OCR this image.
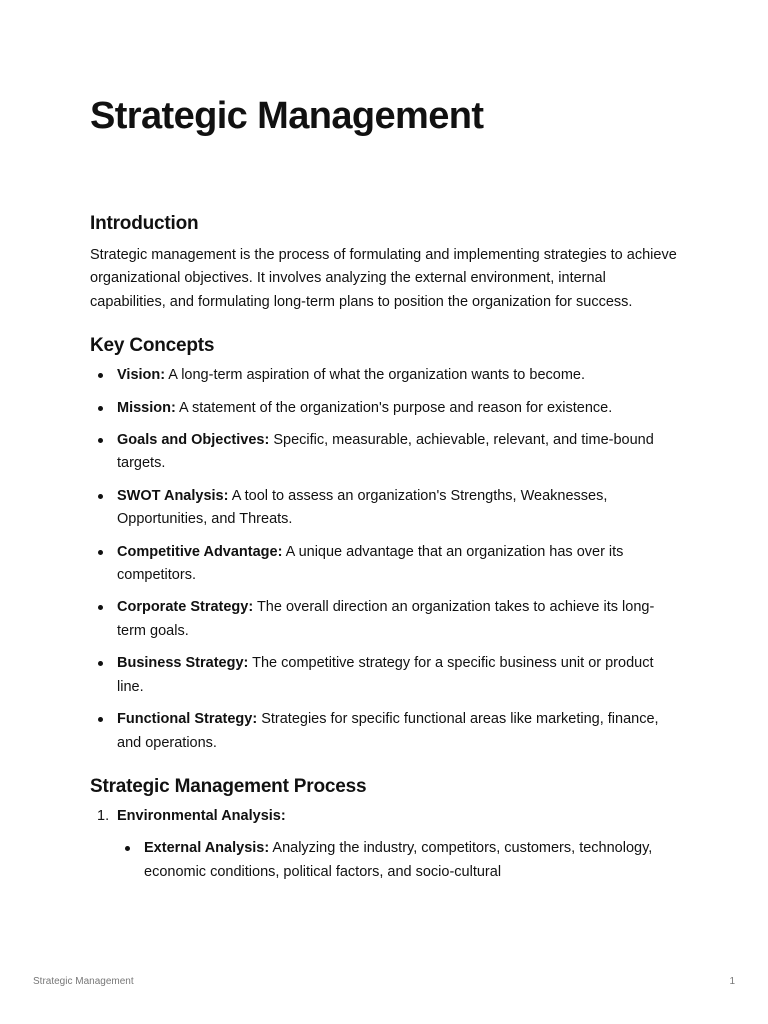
Strategic Management
Introduction

Strategic management is the process of formulating and implementing strategies to achieve organizational objectives. It involves analyzing the external environment, internal capabilities, and formulating long-term plans to position the organization for success.

Key Concepts
Vision: A long-term aspiration of what the organization wants to become.
Mission: A statement of the organization's purpose and reason for existence.
Goals and Objectives: Specific, measurable, achievable, relevant, and time-bound targets.
SWOT Analysis: A tool to assess an organization's Strengths, Weaknesses, Opportunities, and Threats.
Competitive Advantage: A unique advantage that an organization has over its competitors.
Corporate Strategy: The overall direction an organization takes to achieve its long-term goals.
Business Strategy: The competitive strategy for a specific business unit or product line.
Functional Strategy: Strategies for specific functional areas like marketing, finance, and operations.
Strategic Management Process
1. Environmental Analysis:
External Analysis: Analyzing the industry, competitors, customers, technology, economic conditions, political factors, and socio-cultural
Strategic Management	1
